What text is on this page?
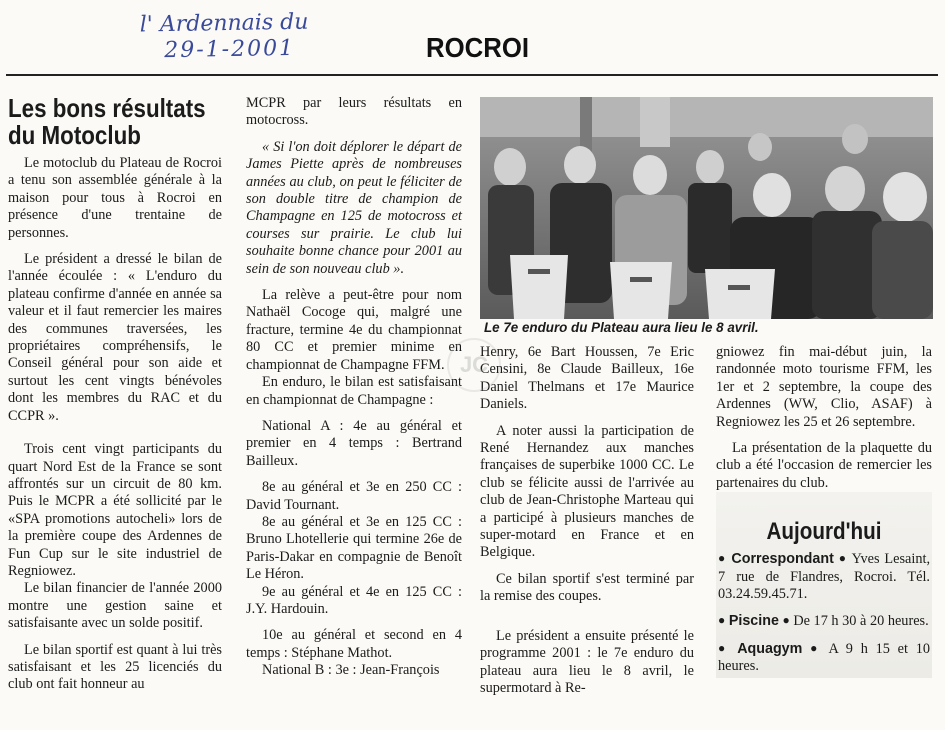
l' Ardennais du
29-1-2001	ROCROI
Les bons résultats
du Motoclub

Le motoclub du Plateau de Rocroi a tenu son assemblée générale à la maison pour tous à Rocroi en présence d'une trentaine de personnes.

Le président a dressé le bilan de l'année écoulée : « L'enduro du plateau confirme d'année en année sa valeur et il faut remercier les maires des communes traversées, les propriétaires compréhensifs, le Conseil général pour son aide et surtout les cent vingts bénévoles dont les membres du RAC et du CCPR ».

Trois cent vingt participants du quart Nord Est de la France se sont affrontés sur un circuit de 80 km. Puis le MCPR a été sollicité par le «SPA promotions autocheli» lors de la première coupe des Ardennes de Fun Cup sur le site industriel de Regniowez.

Le bilan financier de l'année 2000 montre une gestion saine et satisfaisante avec un solde positif.

Le bilan sportif est quant à lui très satisfaisant et les 25 licenciés du club ont fait honneur au

MCPR par leurs résultats en motocross.

« Si l'on doit déplorer le départ de James Piette après de nombreuses années au club, on peut le féliciter de son double titre de champion de Champagne en 125 de motocross et courses sur prairie. Le club lui souhaite bonne chance pour 2001 au sein de son nouveau club ».

La relève a peut-être pour nom Nathaël Cocoge qui, malgré une fracture, termine 4e du championnat 80 CC et premier minime en championnat de Champagne FFM.

En enduro, le bilan est satisfaisant en championnat de Champagne :

National A : 4e au général et premier en 4 temps : Bertrand Bailleux.

8e au général et 3e en 250 CC : David Tournant.

8e au général et 3e en 125 CC : Bruno Lhotellerie qui termine 26e de Paris-Dakar en compagnie de Benoît Le Héron.

9e au général et 4e en 125 CC : J.Y. Hardouin.

10e au général et second en 4 temps : Stéphane Mathot.

National B : 3e : Jean-François

Le 7e enduro du Plateau aura lieu le 8 avril.

Henry, 6e Bart Houssen, 7e Eric Censini, 8e Claude Bailleux, 16e Daniel Thelmans et 17e Maurice Daniels.

A noter aussi la participation de René Hernandez aux manches françaises de superbike 1000 CC. Le club se félicite aussi de l'arrivée au club de Jean-Christophe Marteau qui a participé à plusieurs manches de super-motard en France et en Belgique.

Ce bilan sportif s'est terminé par la remise des coupes.

Le président a ensuite présenté le programme 2001 : le 7e enduro du plateau aura lieu le 8 avril, le supermotard à Re-

gniowez fin mai-début juin, la randonnée moto tourisme FFM, les 1er et 2 septembre, la coupe des Ardennes (WW, Clio, ASAF) à Regniowez les 25 et 26 septembre.

La présentation de la plaquette du club a été l'occasion de remercier les partenaires du club.

Aujourd'hui

● Correspondant ● Yves Lesaint, 7 rue de Flandres, Rocroi. Tél. 03.24.59.45.71.

● Piscine ● De 17 h 30 à 20 heures.

● Aquagym ● A 9 h 15 et 10 heures.

JC
